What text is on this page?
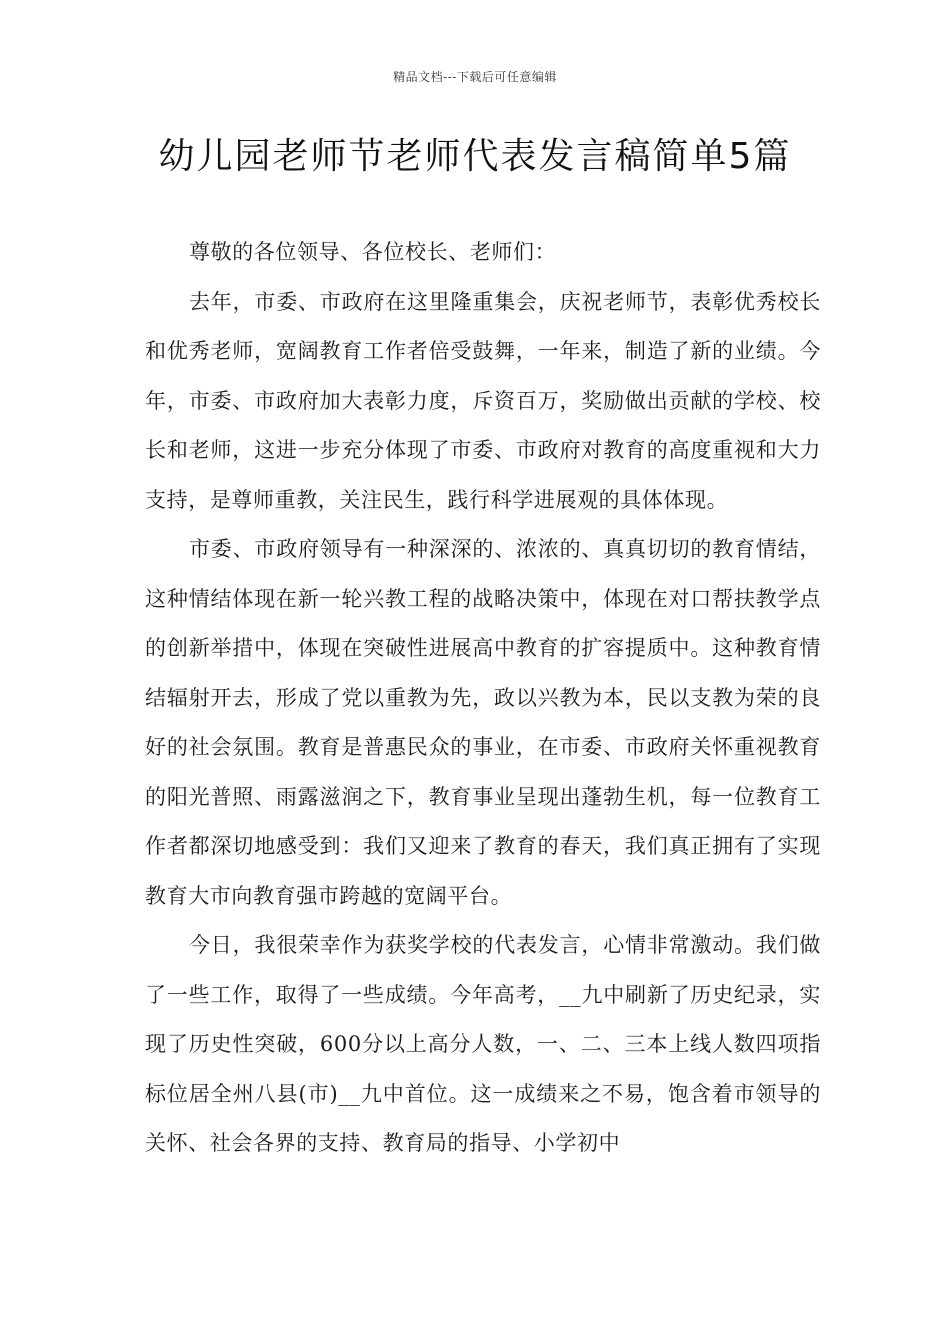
精品文档---下载后可任意编辑
幼儿园老师节老师代表发言稿简单5篇

尊敬的各位领导、各位校长、老师们：

去年，市委、市政府在这里隆重集会，庆祝老师节，表彰优秀校长和优秀老师，宽阔教育工作者倍受鼓舞，一年来，制造了新的业绩。今年，市委、市政府加大表彰力度，斥资百万，奖励做出贡献的学校、校长和老师，这进一步充分体现了市委、市政府对教育的高度重视和大力支持，是尊师重教，关注民生，践行科学进展观的具体体现。

市委、市政府领导有一种深深的、浓浓的、真真切切的教育情结，这种情结体现在新一轮兴教工程的战略决策中，体现在对口帮扶教学点的创新举措中，体现在突破性进展高中教育的扩容提质中。这种教育情结辐射开去，形成了党以重教为先，政以兴教为本，民以支教为荣的良好的社会氛围。教育是普惠民众的事业，在市委、市政府关怀重视教育的阳光普照、雨露滋润之下，教育事业呈现出蓬勃生机，每一位教育工作者都深切地感受到：我们又迎来了教育的春天，我们真正拥有了实现教育大市向教育强市跨越的宽阔平台。

今日，我很荣幸作为获奖学校的代表发言，心情非常激动。我们做了一些工作，取得了一些成绩。今年高考，__九中刷新了历史纪录，实现了历史性突破，600分以上高分人数，一、二、三本上线人数四项指标位居全州八县(市)__九中首位。这一成绩来之不易，饱含着市领导的关怀、社会各界的支持、教育局的指导、小学初中
